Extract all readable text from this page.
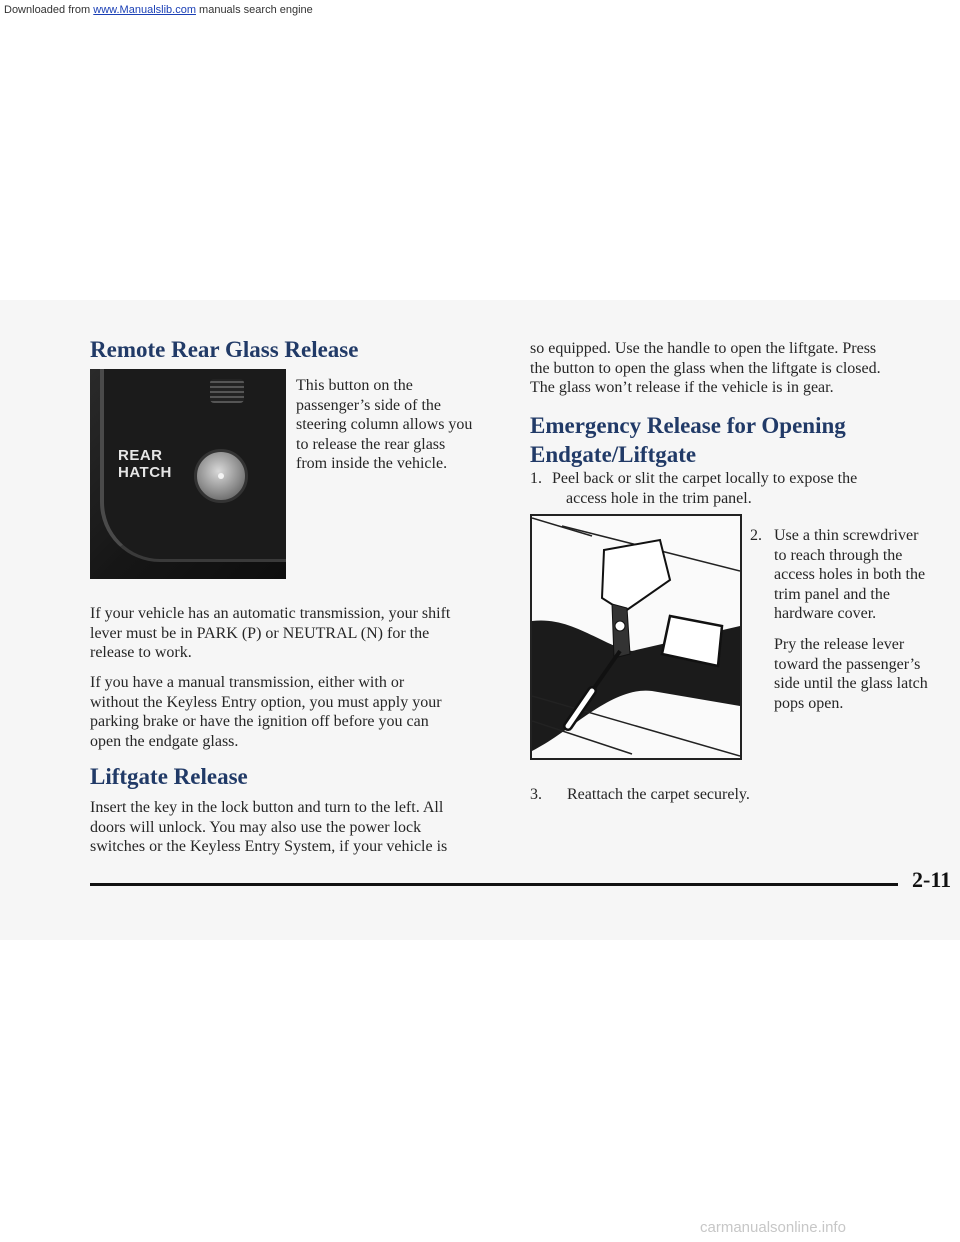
Downloaded from www.Manualslib.com manuals search engine
Remote Rear Glass Release
REAR
HATCH
This button on the
passenger’s side of the
steering column allows you
to release the rear glass
from inside the vehicle.
If your vehicle has an automatic transmission, your shift
lever must be in PARK (P) or NEUTRAL (N) for the
release to work.
If you have a manual transmission, either with or
without the Keyless Entry option, you must apply your
parking brake or have the ignition off before you can
open the endgate glass.
Liftgate Release
Insert the key in the lock button and turn to the left. All
doors will unlock. You may also use the power lock
switches or the Keyless Entry System, if your vehicle is
so equipped. Use the handle to open the liftgate. Press
the button to open the glass when the liftgate is closed.
The glass won’t release if the vehicle is in gear.
Emergency Release for Opening
Endgate/Liftgate
1. Peel back or slit the carpet locally to expose the
access hole in the trim panel.
2. Use a thin screwdriver
to reach through the
access holes in both the
trim panel and the
hardware cover.
Pry the release lever
toward the passenger’s
side until the glass latch
pops open.
3. Reattach the carpet securely.
2-11
carmanualsonline.info
